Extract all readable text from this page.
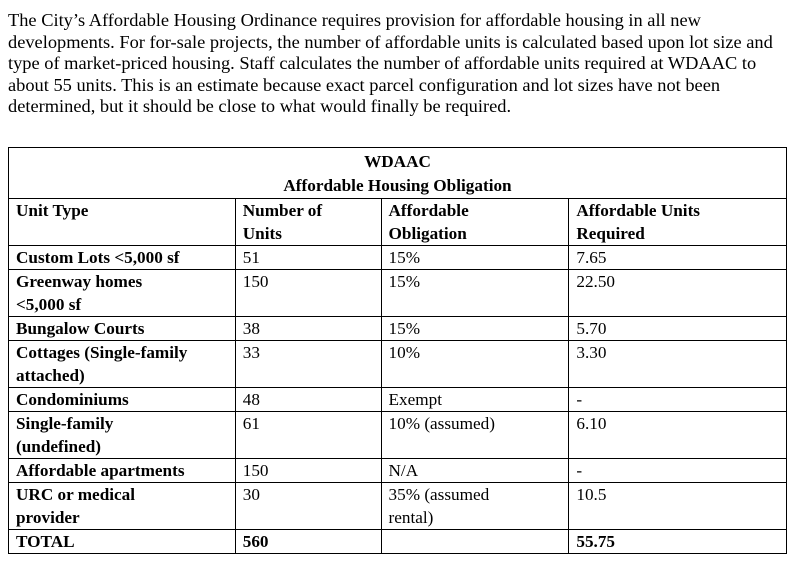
The City’s Affordable Housing Ordinance requires provision for affordable housing in all new developments. For for-sale projects, the number of affordable units is calculated based upon lot size and type of market-priced housing. Staff calculates the number of affordable units required at WDAAC to about 55 units. This is an estimate because exact parcel configuration and lot sizes have not been determined, but it should be close to what would finally be required.

WDAAC
Affordable Housing Obligation			

Unit Type	Number of Units	Affordable Obligation	Affordable Units Required
Custom Lots <5,000 sf	51	15%	7.65
Greenway homes <5,000 sf	150	15%	22.50
Bungalow Courts	38	15%	5.70
Cottages (Single-family attached)	33	10%	3.30
Condominiums	48	Exempt	-
Single-family (undefined)	61	10% (assumed)	6.10
Affordable apartments	150	N/A	-
URC or medical provider	30	35% (assumed rental)	10.5
TOTAL	560		55.75
